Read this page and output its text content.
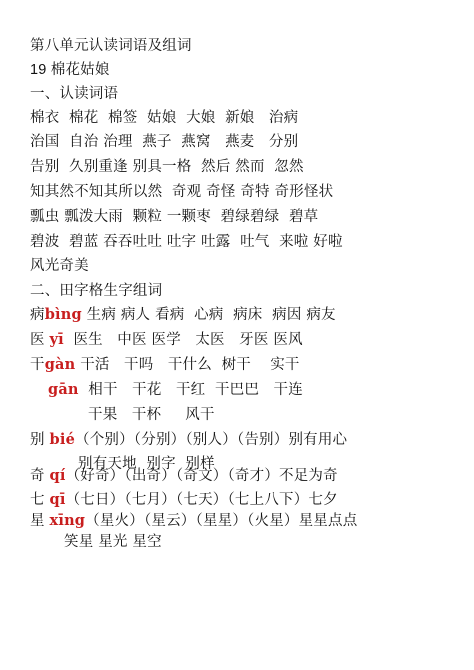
第八单元认读词语及组词
19 棉花姑娘
一、认读词语
棉衣  棉花  棉签  姑娘  大娘  新娘   治病
治国  自治 治理  燕子  燕窝   燕麦   分别
告别  久别重逢 别具一格  然后 然而  忽然
知其然不知其所以然  奇观 奇怪 奇特 奇形怪状
瓢虫 瓢泼大雨  颗粒 一颗枣  碧绿碧绿  碧草
碧波  碧蓝 吞吞吐吐 吐字 吐露  吐气  来啦 好啦
风光奇美
二、田字格生字组词
病bìng 生病 病人 看病  心病  病床  病因 病友
医 yī  医生   中医 医学   太医   牙医 医风
干gàn 干活   干吗   干什么  树干    实干
gān  相干   干花   干红  干巴巴   干连
干果   干杯     风干
别 bié（个别）（分别）（别人）（告别）别有用心
别有天地  别字  别样
奇 qí（好奇）（出奇）（奇文）（奇才）不足为奇
七 qī（七日）（七月）（七天）（七上八下）七夕
星 xīng（星火）（星云）（星星）（火星）星星点点
笑星 星光 星空
